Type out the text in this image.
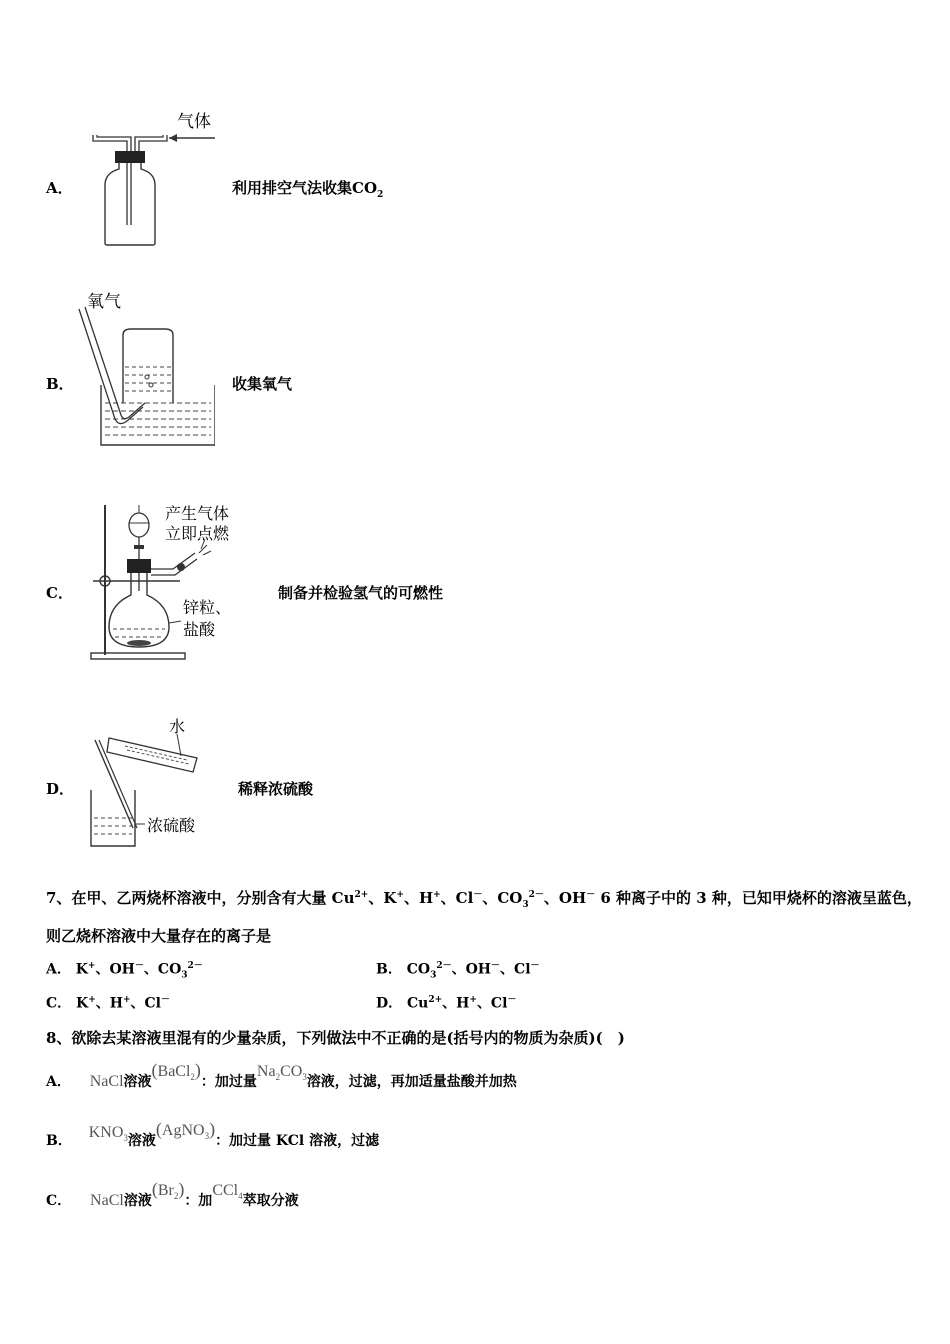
A．
气体
利用排空气法收集$CO_2$
B．
氧气
收集氧气
C．
产生气体
立即点燃
锌粒、
盐酸
制备并检验氢气的可燃性
D．
水
浓硫酸
稀释浓硫酸
7、在甲、乙两烧杯溶液中，分别含有大量 $Cu^{2+}$、K+、H+、Cl－、$CO_3^{2-}$、OH－ 6 种离子中的 3 种，已知甲烧杯的溶液呈蓝色，
则乙烧杯溶液中大量存在的离子是
A． K+、OH－、$CO_3^{2-}$	B． $CO_3^{2-}$、OH－、Cl－
C． K+、H+、Cl－	D． $Cu^{2+}$、H+、Cl－
8、欲除去某溶液里混有的少量杂质，下列做法中不正确的是(括号内的物质为杂质)(　)
A． NaCl溶液(BaCl$_2$)：加过量$Na_2CO_3$溶液，过滤，再加适量盐酸并加热
B． $KNO_3$溶液(AgNO$_3$)：加过量 KCl 溶液，过滤
C． NaCl溶液$(Br_2)$：加CCl$_4$萃取分液
